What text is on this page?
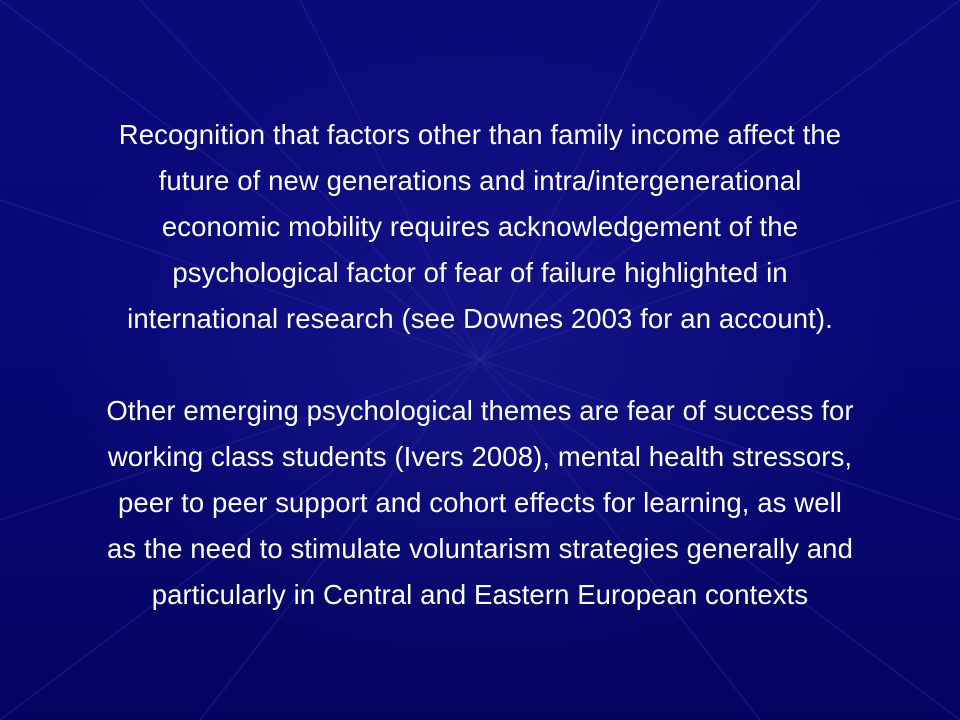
Recognition that factors other than family income affect the
future of new generations and intra/intergenerational
economic mobility requires acknowledgement of the
psychological factor of fear of failure highlighted in
international research (see Downes 2003 for an account).

Other emerging psychological themes are fear of success for
working class students (Ivers 2008), mental health stressors,
peer to peer support and cohort effects for learning, as well
as the need to stimulate voluntarism strategies generally and
particularly in Central and Eastern European contexts
